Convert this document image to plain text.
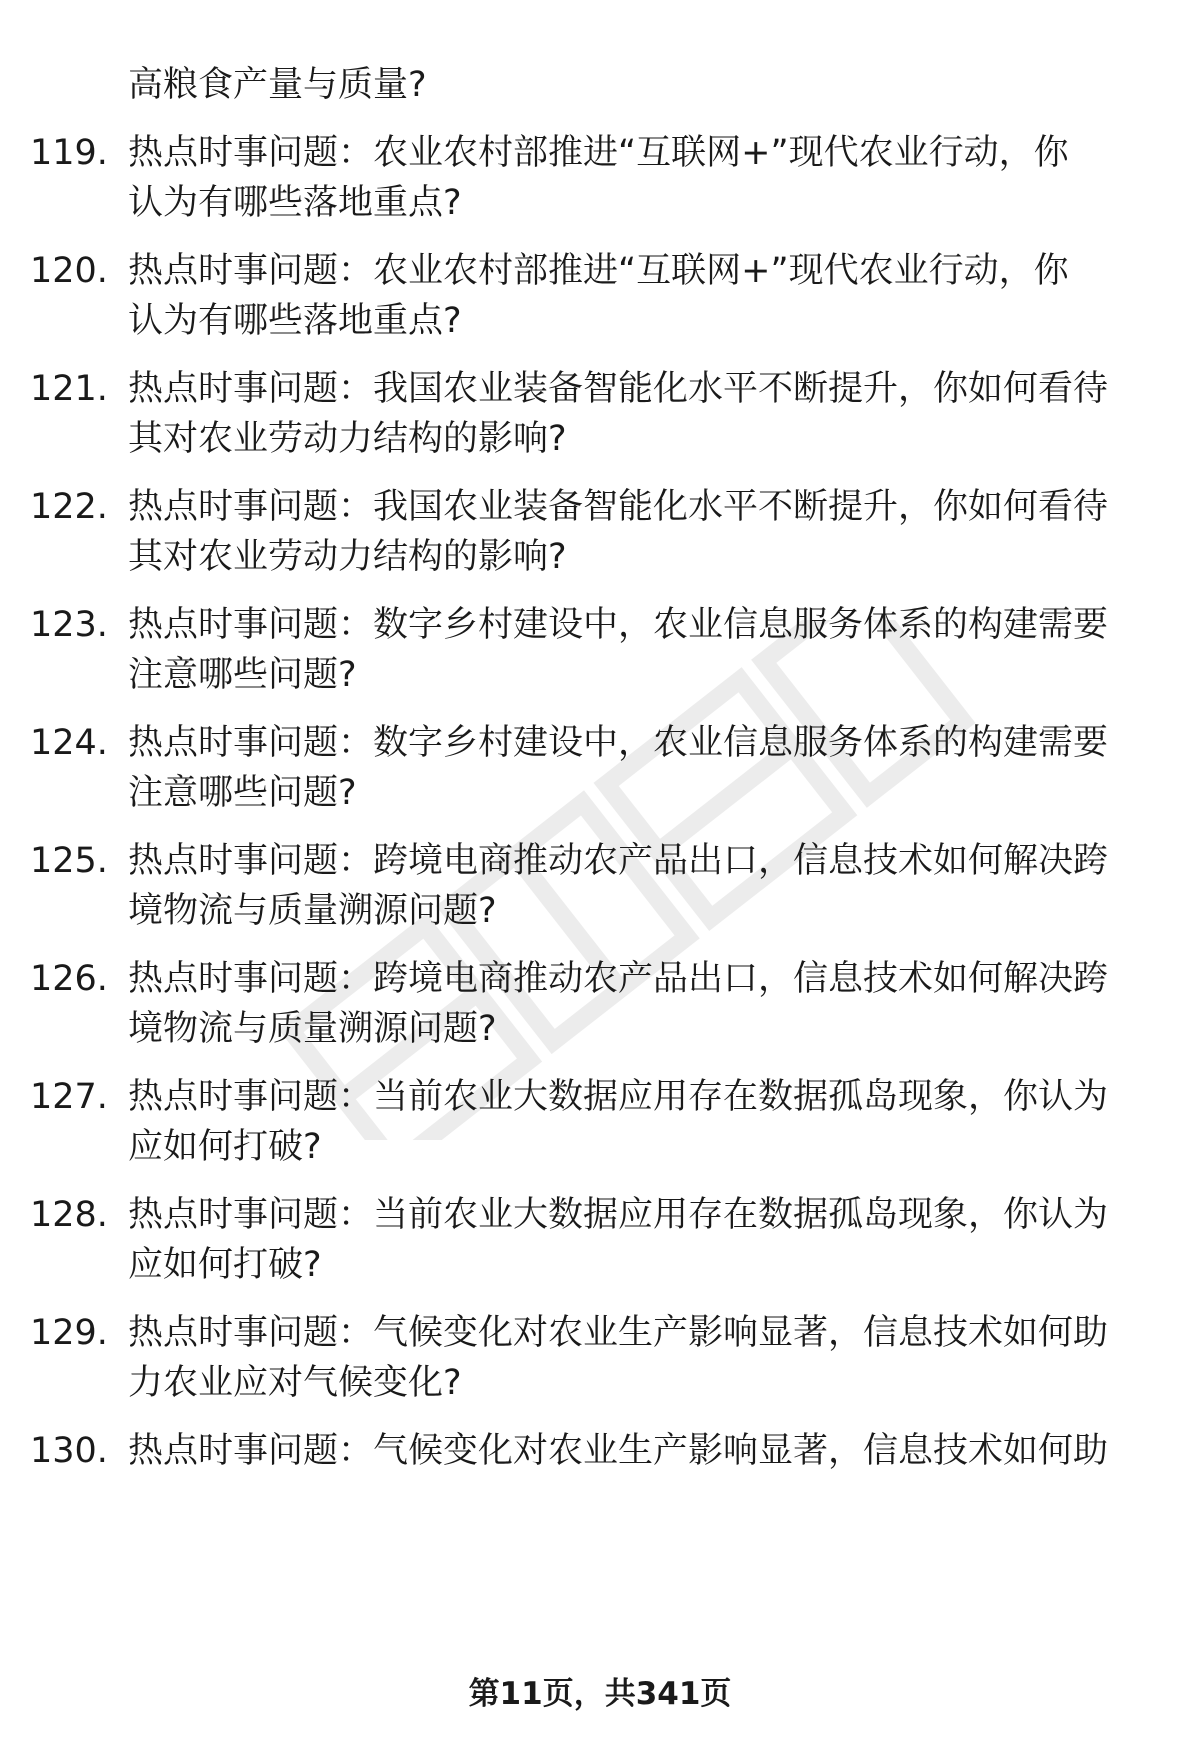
高粮食产量与质量?
119. 热点时事问题：农业农村部推进“互联网+”现代农业行动，你
认为有哪些落地重点?
120. 热点时事问题：农业农村部推进“互联网+”现代农业行动，你
认为有哪些落地重点?
121. 热点时事问题：我国农业装备智能化水平不断提升，你如何看待
其对农业劳动力结构的影响?
122. 热点时事问题：我国农业装备智能化水平不断提升，你如何看待
其对农业劳动力结构的影响?
123. 热点时事问题：数字乡村建设中，农业信息服务体系的构建需要
注意哪些问题?
124. 热点时事问题：数字乡村建设中，农业信息服务体系的构建需要
注意哪些问题?
125. 热点时事问题：跨境电商推动农产品出口，信息技术如何解决跨
境物流与质量溯源问题?
126. 热点时事问题：跨境电商推动农产品出口，信息技术如何解决跨
境物流与质量溯源问题?
127. 热点时事问题：当前农业大数据应用存在数据孤岛现象，你认为
应如何打破?
128. 热点时事问题：当前农业大数据应用存在数据孤岛现象，你认为
应如何打破?
129. 热点时事问题：气候变化对农业生产影响显著，信息技术如何助
力农业应对气候变化?
130. 热点时事问题：气候变化对农业生产影响显著，信息技术如何助
第11页，共341页
